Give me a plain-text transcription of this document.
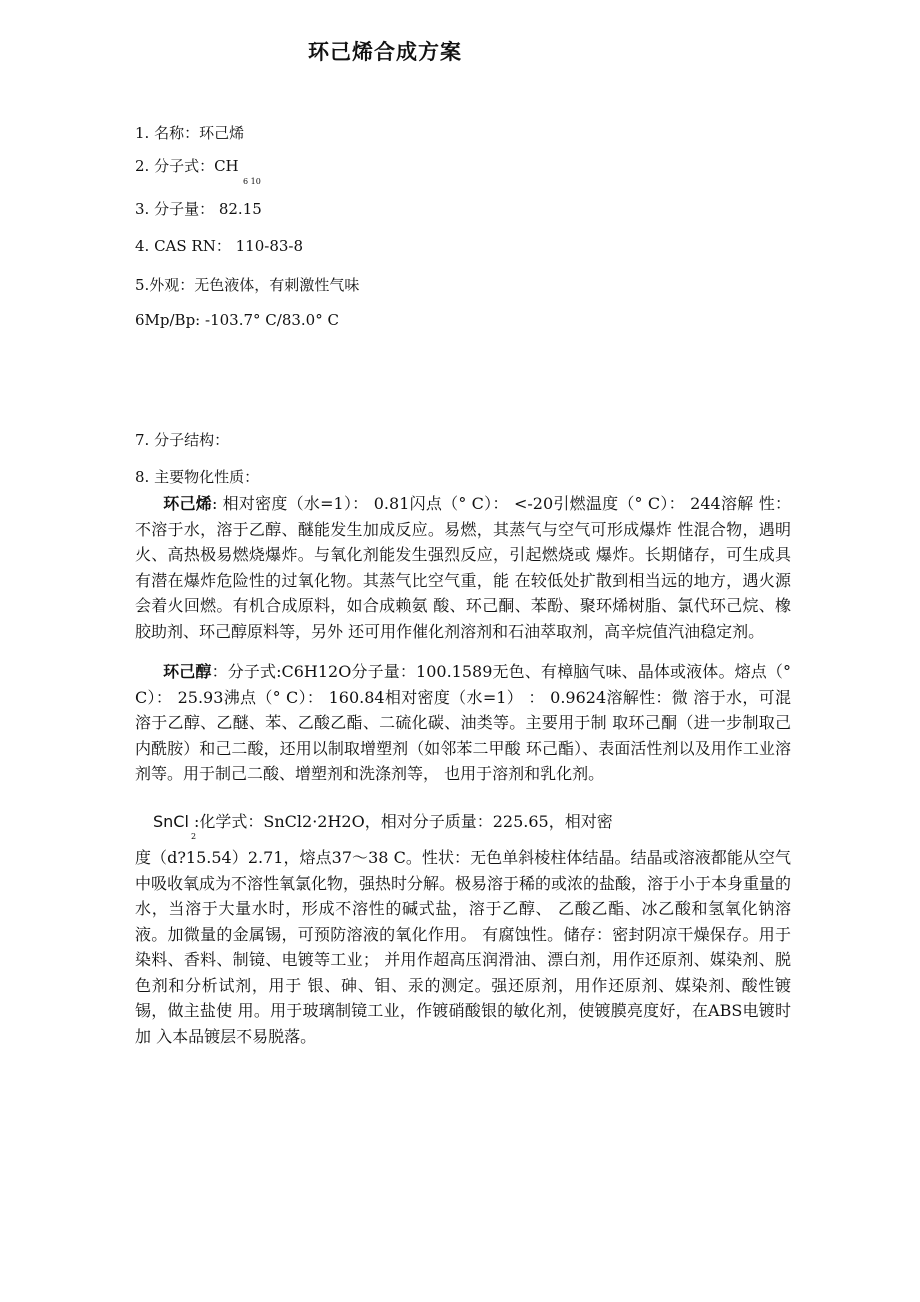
环己烯合成方案
1. 名称：环己烯
2. 分子式：CH
6 10
3. 分子量： 82.15
4. CAS RN： 110-83-8
5.外观：无色液体，有刺激性气味
6Mp/Bp: -103.7° C/83.0° C
7. 分子结构：
8. 主要物化性质：
环己烯: 相对密度（水=1）： 0.81闪点（° C）： <-20引燃温度（° C）： 244溶解 性：不溶于水，溶于乙醇、醚能发生加成反应。易燃，其蒸气与空气可形成爆炸 性混合物，遇明火、高热极易燃烧爆炸。与氧化剂能发生强烈反应，引起燃烧或 爆炸。长期储存，可生成具有潜在爆炸危险性的过氧化物。其蒸气比空气重，能 在较低处扩散到相当远的地方，遇火源会着火回燃。有机合成原料，如合成赖氨 酸、环己酮、苯酚、聚环烯树脂、氯代环己烷、橡胶助剂、环己醇原料等，另外 还可用作催化剂溶剂和石油萃取剂，高辛烷值汽油稳定剂。
环己醇：分子式:C6H12O分子量：100.1589无色、有樟脑气味、晶体或液体。熔点（° C）： 25.93沸点（° C）： 160.84相对密度（水=1） ： 0.9624溶解性：微 溶于水，可混溶于乙醇、乙醚、苯、乙酸乙酯、二硫化碳、油类等。主要用于制 取环己酮（进一步制取己内酰胺）和己二酸，还用以制取增塑剂（如邻苯二甲酸 环己酯）、表面活性剂以及用作工业溶剂等。用于制己二酸、增塑剂和洗涤剂等， 也用于溶剂和乳化剂。
SnCl :化学式：SnCl2·2H2O，相对分子质量：225.65，相对密
2
度（d?15.54）2.71，熔点37～38 C。性状：无色单斜棱柱体结晶。结晶或溶液都能从空气中吸收氧成为不溶性氧氯化物，强热时分解。极易溶于稀的或浓的盐酸，溶于小于本身重量的水，当溶于大量水时，形成不溶性的碱式盐，溶于乙醇、 乙酸乙酯、冰乙酸和氢氧化钠溶液。加微量的金属锡，可预防溶液的氧化作用。 有腐蚀性。储存：密封阴凉干燥保存。用于染料、香料、制镜、电镀等工业； 并用作超高压润滑油、漂白剂，用作还原剂、媒染剂、脱色剂和分析试剂，用于 银、砷、钼、汞的测定。强还原剂，用作还原剂、媒染剂、酸性镀锡，做主盐使 用。用于玻璃制镜工业，作镀硝酸银的敏化剂，使镀膜亮度好，在ABS电镀时加 入本品镀层不易脱落。
